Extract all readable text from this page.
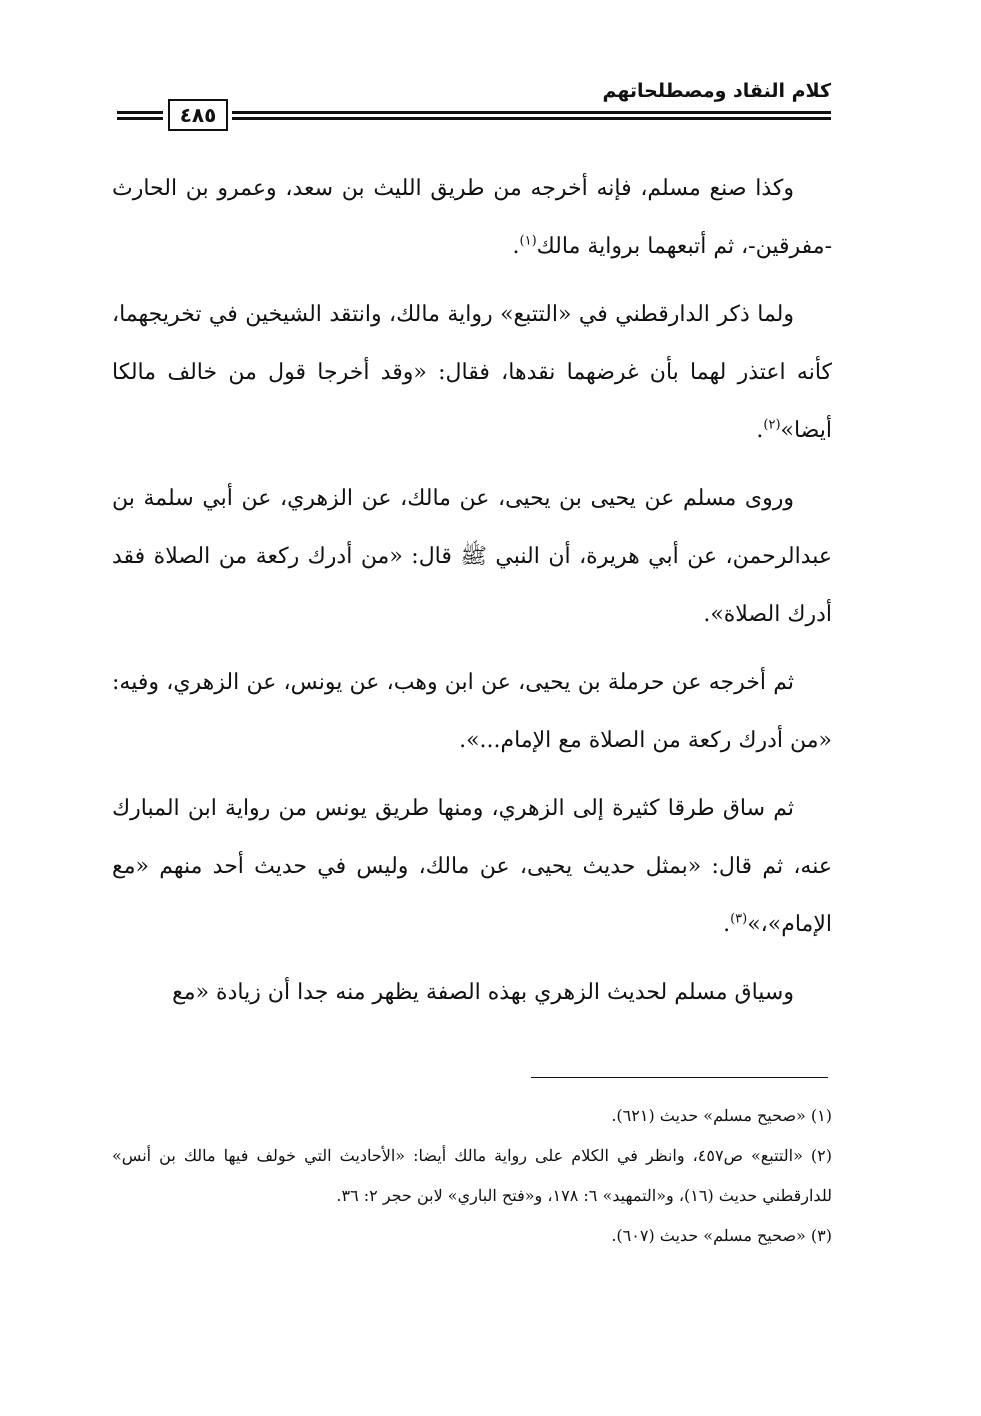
كلام النقاد ومصطلحاتهم
٤٨٥

وكذا صنع مسلم، فإنه أخرجه من طريق الليث بن سعد، وعمرو بن الحارث -مفرقين-، ثم أتبعهما برواية مالك$^{(١)}$.

ولما ذكر الدارقطني في «التتبع» رواية مالك، وانتقد الشيخين في تخريجهما، كأنه اعتذر لهما بأن غرضهما نقدها، فقال: «وقد أخرجا قول من خالف مالكا أيضا»$^{(٢)}$.

وروى مسلم عن يحيى بن يحيى، عن مالك، عن الزهري، عن أبي سلمة بن عبدالرحمن، عن أبي هريرة، أن النبي ﷺ قال: «من أدرك ركعة من الصلاة فقد أدرك الصلاة».

ثم أخرجه عن حرملة بن يحيى، عن ابن وهب، عن يونس، عن الزهري، وفيه: «من أدرك ركعة من الصلاة مع الإمام...».

ثم ساق طرقا كثيرة إلى الزهري، ومنها طريق يونس من رواية ابن المبارك عنه، ثم قال: «بمثل حديث يحيى، عن مالك، وليس في حديث أحد منهم «مع الإمام»،»$^{(٣)}$.

وسياق مسلم لحديث الزهري بهذه الصفة يظهر منه جدا أن زيادة «مع

(١) «صحيح مسلم» حديث (٦٢١).

(٢) «التتبع» ص٤٥٧، وانظر في الكلام على رواية مالك أيضا: «الأحاديث التي خولف فيها مالك بن أنس» للدارقطني حديث (١٦)، و«التمهيد» ٦: ١٧٨، و«فتح الباري» لابن حجر ٢: ٣٦.

(٣) «صحيح مسلم» حديث (٦٠٧).
